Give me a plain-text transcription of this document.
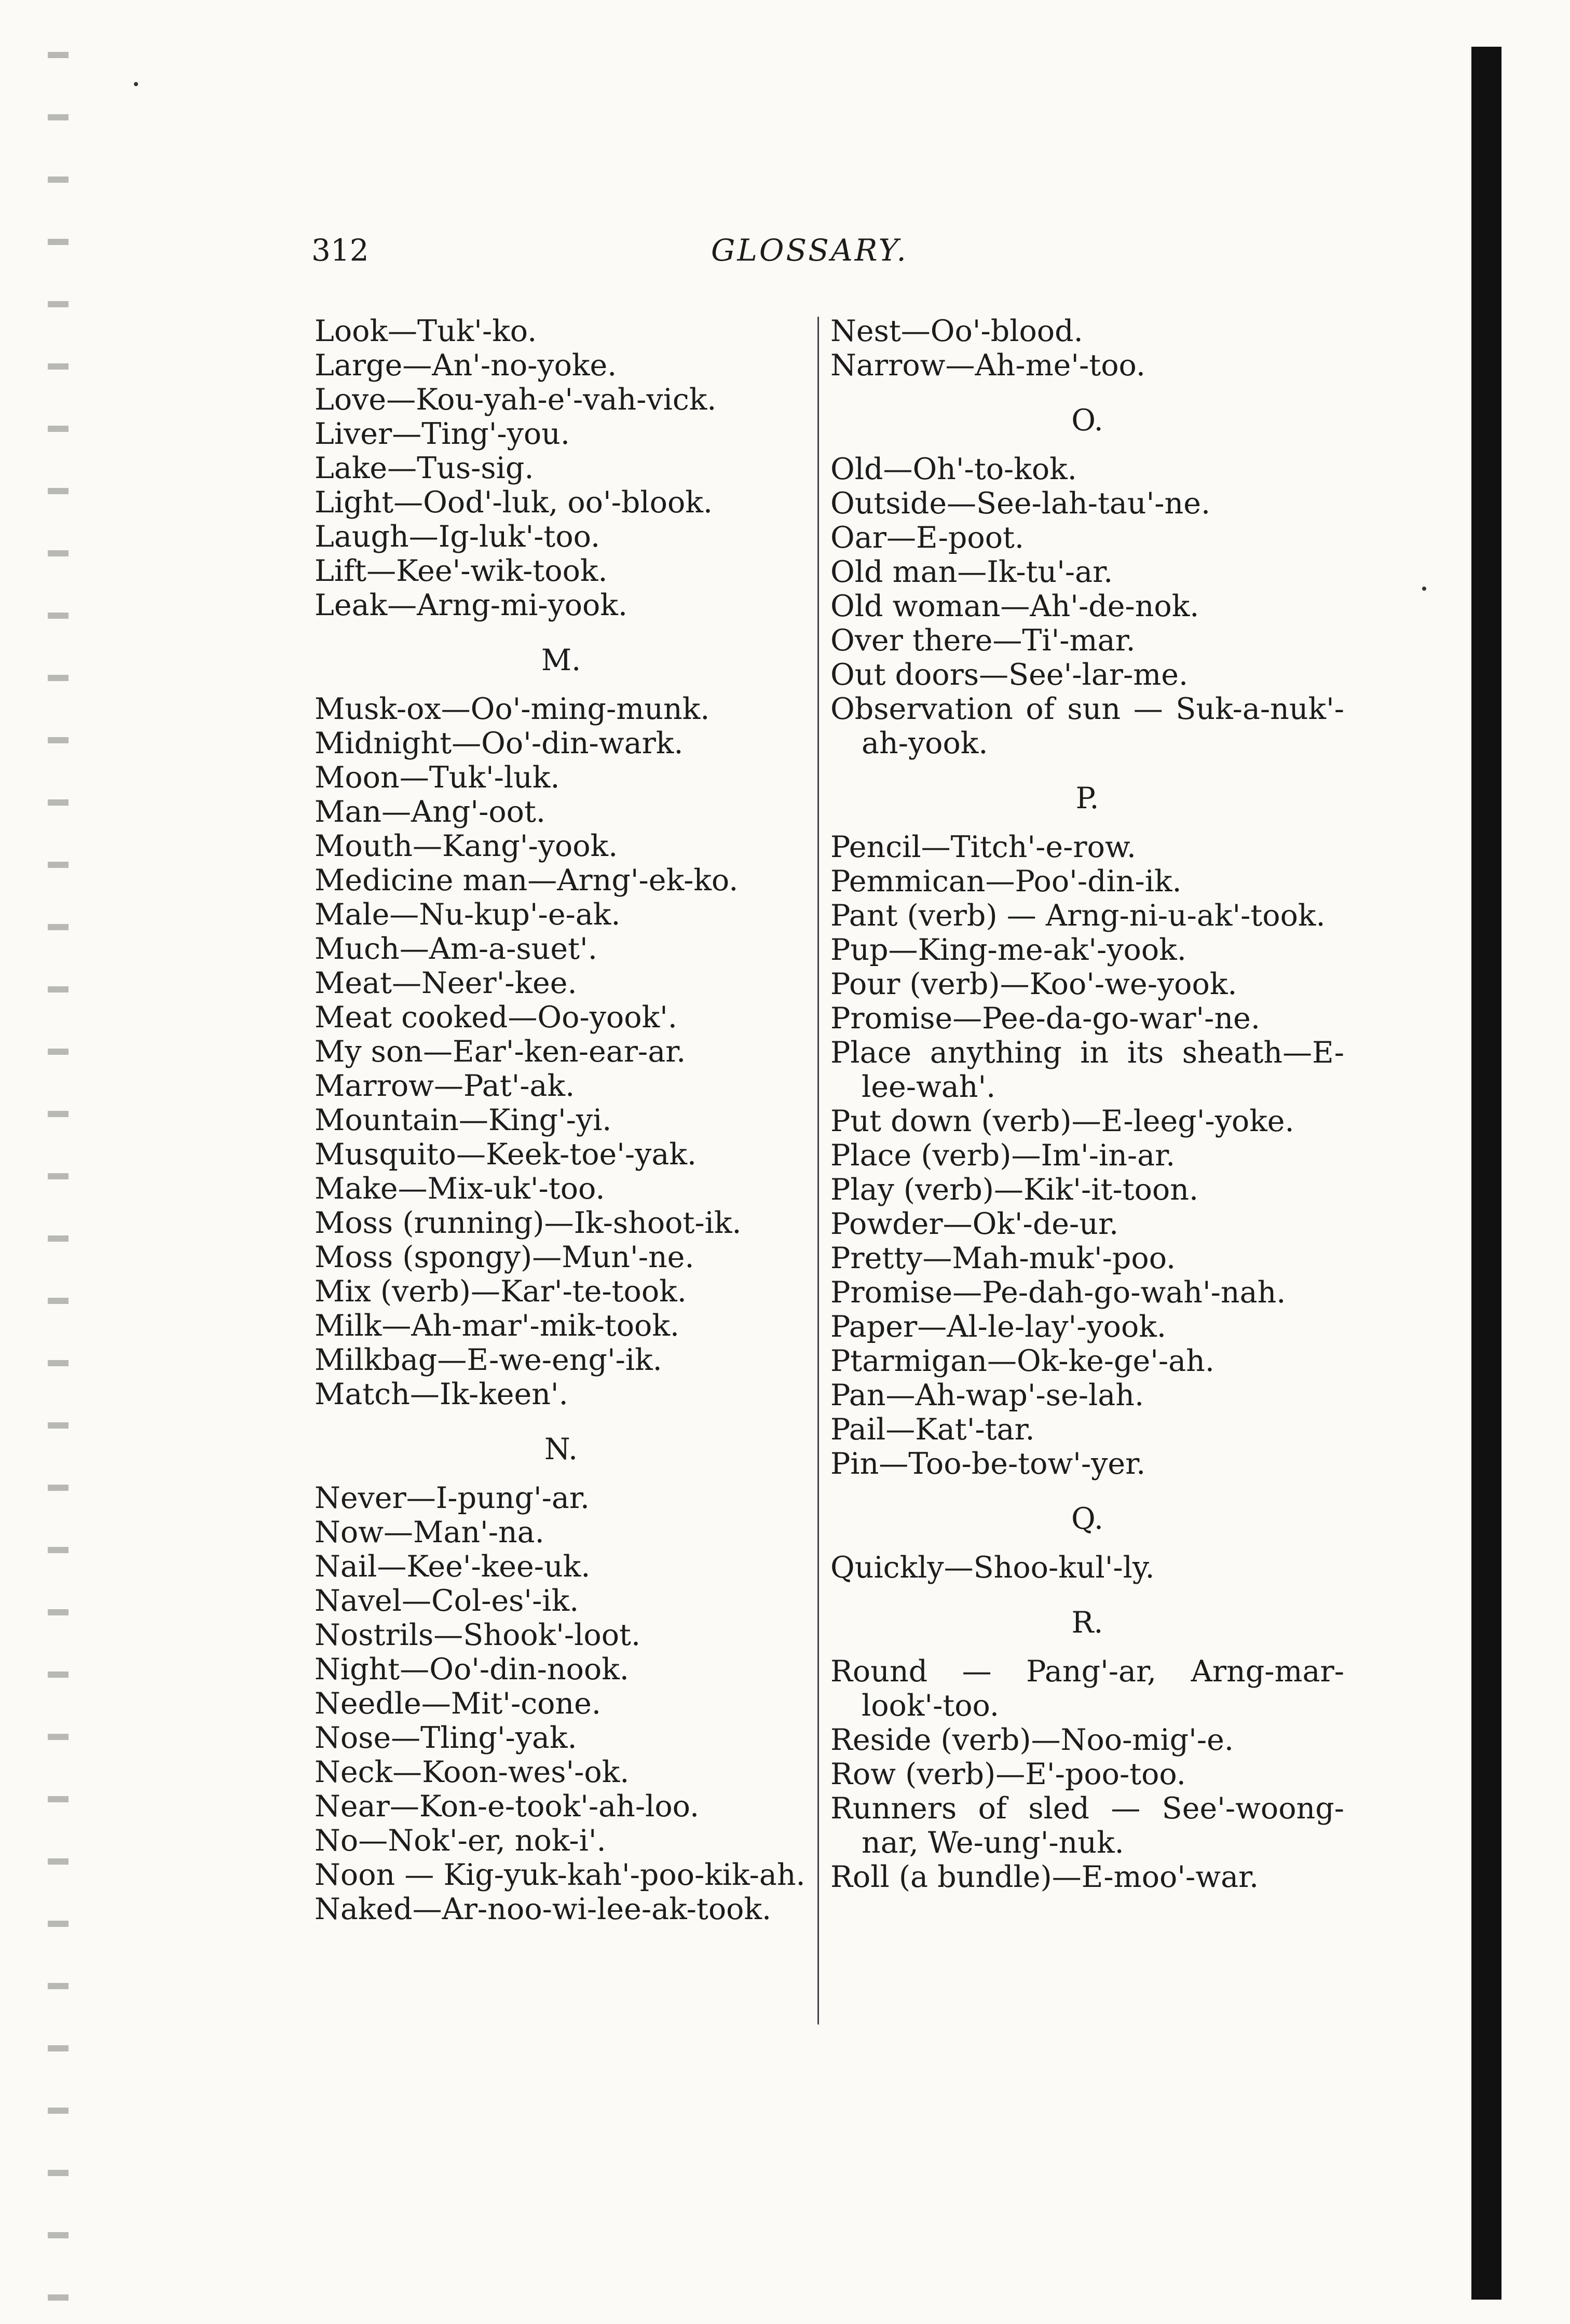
312	GLOSSARY.
Look—Tuk'-ko.
Large—An'-no-yoke.
Love—Kou-yah-e'-vah-vick.
Liver—Ting'-you.
Lake—Tus-sig.
Light—Ood'-luk, oo'-blook.
Laugh—Ig-luk'-too.
Lift—Kee'-wik-took.
Leak—Arng-mi-yook.
M.
Musk-ox—Oo'-ming-munk.
Midnight—Oo'-din-wark.
Moon—Tuk'-luk.
Man—Ang'-oot.
Mouth—Kang'-yook.
Medicine man—Arng'-ek-ko.
Male—Nu-kup'-e-ak.
Much—Am-a-suet'.
Meat—Neer'-kee.
Meat cooked—Oo-yook'.
My son—Ear'-ken-ear-ar.
Marrow—Pat'-ak.
Mountain—King'-yi.
Musquito—Keek-toe'-yak.
Make—Mix-uk'-too.
Moss (running)—Ik-shoot-ik.
Moss (spongy)—Mun'-ne.
Mix (verb)—Kar'-te-took.
Milk—Ah-mar'-mik-took.
Milkbag—E-we-eng'-ik.
Match—Ik-keen'.
N.
Never—I-pung'-ar.
Now—Man'-na.
Nail—Kee'-kee-uk.
Navel—Col-es'-ik.
Nostrils—Shook'-loot.
Night—Oo'-din-nook.
Needle—Mit'-cone.
Nose—Tling'-yak.
Neck—Koon-wes'-ok.
Near—Kon-e-took'-ah-loo.
No—Nok'-er, nok-i'.
Noon — Kig-yuk-kah'-poo-kik-ah.
Naked—Ar-noo-wi-lee-ak-took.
Nest—Oo'-blood.
Narrow—Ah-me'-too.
O.
Old—Oh'-to-kok.
Outside—See-lah-tau'-ne.
Oar—E-poot.
Old man—Ik-tu'-ar.
Old woman—Ah'-de-nok.
Over there—Ti'-mar.
Out doors—See'-lar-me.
Observation of sun — Suk-a-nuk'-ah-yook.
P.
Pencil—Titch'-e-row.
Pemmican—Poo'-din-ik.
Pant (verb) — Arng-ni-u-ak'-took.
Pup—King-me-ak'-yook.
Pour (verb)—Koo'-we-yook.
Promise—Pee-da-go-war'-ne.
Place anything in its sheath—E-lee-wah'.
Put down (verb)—E-leeg'-yoke.
Place (verb)—Im'-in-ar.
Play (verb)—Kik'-it-toon.
Powder—Ok'-de-ur.
Pretty—Mah-muk'-poo.
Promise—Pe-dah-go-wah'-nah.
Paper—Al-le-lay'-yook.
Ptarmigan—Ok-ke-ge'-ah.
Pan—Ah-wap'-se-lah.
Pail—Kat'-tar.
Pin—Too-be-tow'-yer.
Q.
Quickly—Shoo-kul'-ly.
R.
Round — Pang'-ar, Arng-mar-look'-too.
Reside (verb)—Noo-mig'-e.
Row (verb)—E'-poo-too.
Runners of sled — See'-woong-nar, We-ung'-nuk.
Roll (a bundle)—E-moo'-war.
